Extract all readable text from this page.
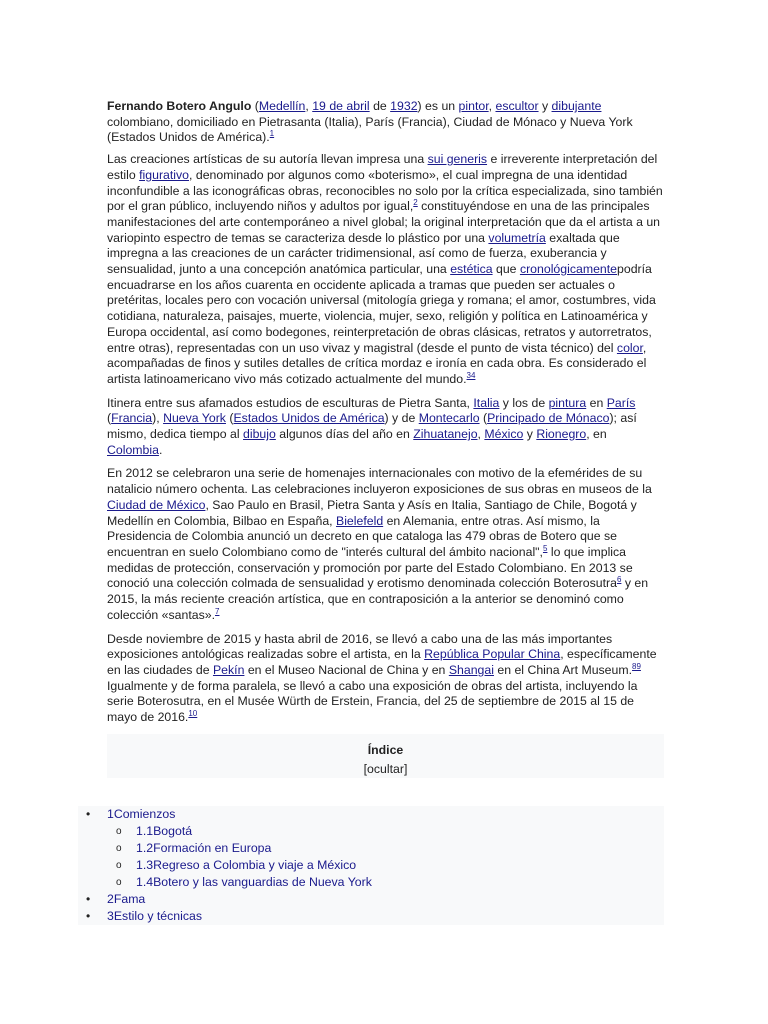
Fernando Botero Angulo (Medellín, 19 de abril de 1932) es un pintor, escultor y dibujante colombiano, domiciliado en Pietrasanta (Italia), París (Francia), Ciudad de Mónaco y Nueva York (Estados Unidos de América).$^1$

Las creaciones artísticas de su autoría llevan impresa una sui generis e irreverente interpretación del estilo figurativo, denominado por algunos como «boterismo», el cual impregna de una identidad inconfundible a las iconográficas obras, reconocibles no solo por la crítica especializada, sino también por el gran público, incluyendo niños y adultos por igual,$^2$ constituyéndose en una de las principales manifestaciones del arte contemporáneo a nivel global; la original interpretación que da el artista a un variopinto espectro de temas se caracteriza desde lo plástico por una volumetría exaltada que impregna a las creaciones de un carácter tridimensional, así como de fuerza, exuberancia y sensualidad, junto a una concepción anatómica particular, una estética que cronológicamentepodría encuadrarse en los años cuarenta en occidente aplicada a tramas que pueden ser actuales o pretéritas, locales pero con vocación universal (mitología griega y romana; el amor, costumbres, vida cotidiana, naturaleza, paisajes, muerte, violencia, mujer, sexo, religión y política en Latinoamérica y Europa occidental, así como bodegones, reinterpretación de obras clásicas, retratos y autorretratos, entre otras), representadas con un uso vivaz y magistral (desde el punto de vista técnico) del color, acompañadas de finos y sutiles detalles de crítica mordaz e ironía en cada obra. Es considerado el artista latinoamericano vivo más cotizado actualmente del mundo.$^{34}$

Itinera entre sus afamados estudios de esculturas de Pietra Santa, Italia y los de pintura en París (Francia), Nueva York (Estados Unidos de América) y de Montecarlo (Principado de Mónaco); así mismo, dedica tiempo al dibujo algunos días del año en Zihuatanejo, México y Rionegro, en Colombia.

En 2012 se celebraron una serie de homenajes internacionales con motivo de la efemérides de su natalicio número ochenta. Las celebraciones incluyeron exposiciones de sus obras en museos de la Ciudad de México, Sao Paulo en Brasil, Pietra Santa y Asís en Italia, Santiago de Chile, Bogotá y Medellín en Colombia, Bilbao en España, Bielefeld en Alemania, entre otras. Así mismo, la Presidencia de Colombia anunció un decreto en que cataloga las 479 obras de Botero que se encuentran en suelo Colombiano como de "interés cultural del ámbito nacional",$^5$ lo que implica medidas de protección, conservación y promoción por parte del Estado Colombiano. En 2013 se conoció una colección colmada de sensualidad y erotismo denominada colección Boterosutra$^6$ y en 2015, la más reciente creación artística, que en contraposición a la anterior se denominó como colección «santas».$^7$

Desde noviembre de 2015 y hasta abril de 2016, se llevó a cabo una de las más importantes exposiciones antológicas realizadas sobre el artista, en la República Popular China, específicamente en las ciudades de Pekín en el Museo Nacional de China y en Shangai en el China Art Museum.$^{89}$ Igualmente y de forma paralela, se llevó a cabo una exposición de obras del artista, incluyendo la serie Boterosutra, en el Musée Würth de Erstein, Francia, del 25 de septiembre de 2015 al 15 de mayo de 2016.10

Índice
[ocultar]
• 1Comienzos
o 1.1Bogotá
o 1.2Formación en Europa
o 1.3Regreso a Colombia y viaje a México
o 1.4Botero y las vanguardias de Nueva York
• 2Fama
• 3Estilo y técnicas
